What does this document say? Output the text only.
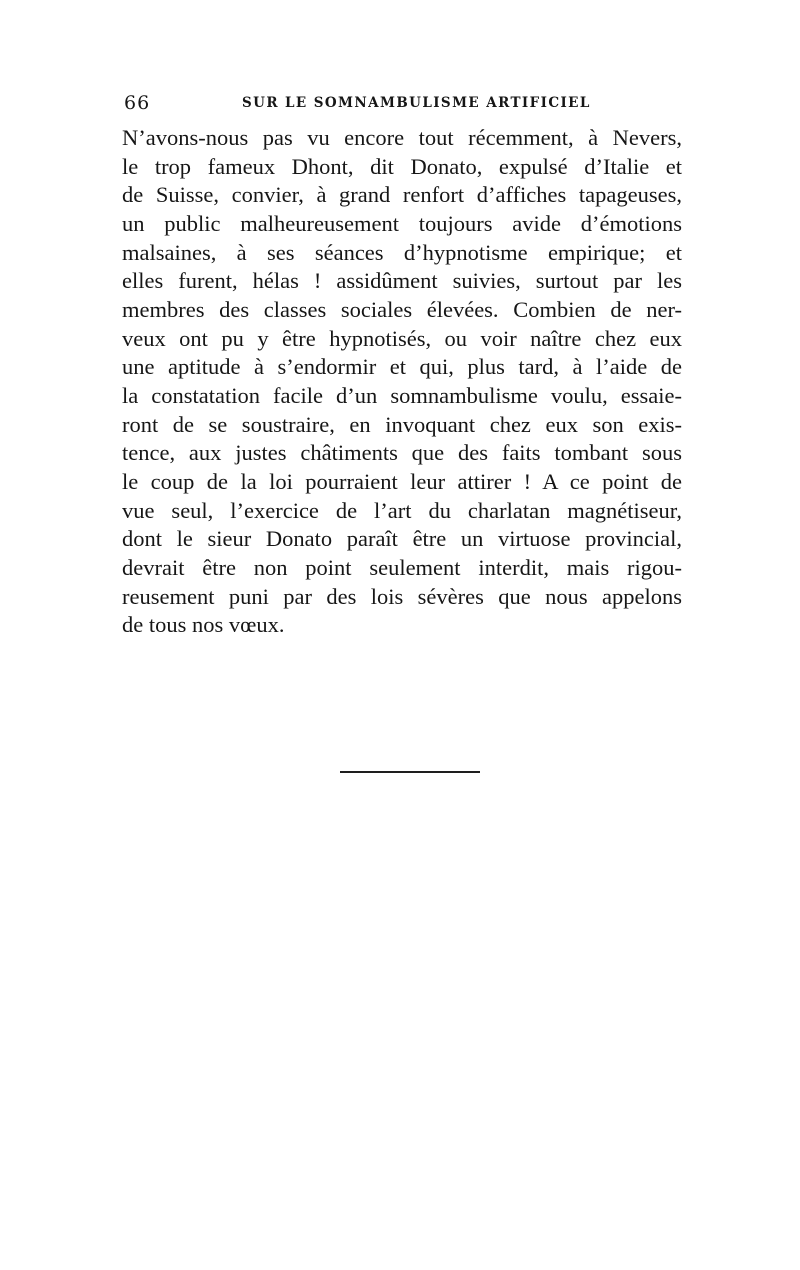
66	SUR LE SOMNAMBULISME ARTIFICIEL

N’avons-nous pas vu encore tout récemment, à Nevers,
le trop fameux Dhont, dit Donato, expulsé d’Italie et
de Suisse, convier, à grand renfort d’affiches tapageuses,
un public malheureusement toujours avide d’émotions
malsaines, à ses séances d’hypnotisme empirique; et
elles furent, hélas ! assidûment suivies, surtout par les
membres des classes sociales élevées. Combien de ner-
veux ont pu y être hypnotisés, ou voir naître chez eux
une aptitude à s’endormir et qui, plus tard, à l’aide de
la constatation facile d’un somnambulisme voulu, essaie-
ront de se soustraire, en invoquant chez eux son exis-
tence, aux justes châtiments que des faits tombant sous
le coup de la loi pourraient leur attirer ! A ce point de
vue seul, l’exercice de l’art du charlatan magnétiseur,
dont le sieur Donato paraît être un virtuose provincial,
devrait être non point seulement interdit, mais rigou-
reusement puni par des lois sévères que nous appelons
de tous nos vœux.
